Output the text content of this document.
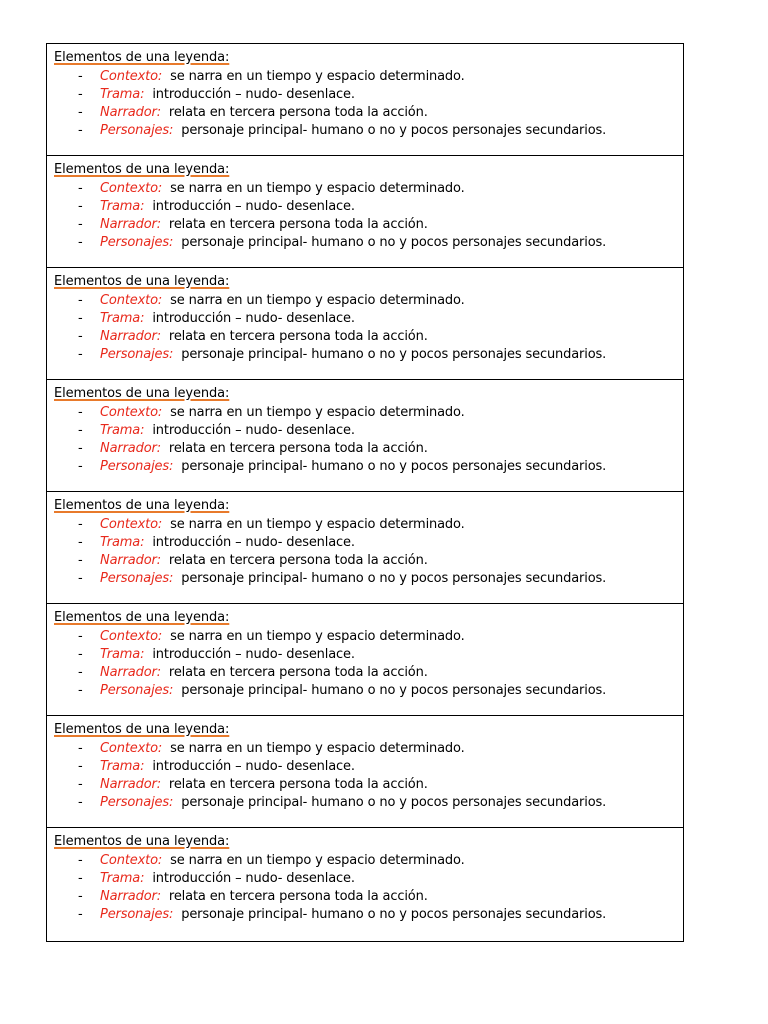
Elementos de una leyenda:
- Contexto: se narra en un tiempo y espacio determinado.
- Trama: introducción – nudo- desenlace.
- Narrador: relata en tercera persona toda la acción.
- Personajes: personaje principal- humano o no y pocos personajes secundarios.
Elementos de una leyenda:
- Contexto: se narra en un tiempo y espacio determinado.
- Trama: introducción – nudo- desenlace.
- Narrador: relata en tercera persona toda la acción.
- Personajes: personaje principal- humano o no y pocos personajes secundarios.
Elementos de una leyenda:
- Contexto: se narra en un tiempo y espacio determinado.
- Trama: introducción – nudo- desenlace.
- Narrador: relata en tercera persona toda la acción.
- Personajes: personaje principal- humano o no y pocos personajes secundarios.
Elementos de una leyenda:
- Contexto: se narra en un tiempo y espacio determinado.
- Trama: introducción – nudo- desenlace.
- Narrador: relata en tercera persona toda la acción.
- Personajes: personaje principal- humano o no y pocos personajes secundarios.
Elementos de una leyenda:
- Contexto: se narra en un tiempo y espacio determinado.
- Trama: introducción – nudo- desenlace.
- Narrador: relata en tercera persona toda la acción.
- Personajes: personaje principal- humano o no y pocos personajes secundarios.
Elementos de una leyenda:
- Contexto: se narra en un tiempo y espacio determinado.
- Trama: introducción – nudo- desenlace.
- Narrador: relata en tercera persona toda la acción.
- Personajes: personaje principal- humano o no y pocos personajes secundarios.
Elementos de una leyenda:
- Contexto: se narra en un tiempo y espacio determinado.
- Trama: introducción – nudo- desenlace.
- Narrador: relata en tercera persona toda la acción.
- Personajes: personaje principal- humano o no y pocos personajes secundarios.
Elementos de una leyenda:
- Contexto: se narra en un tiempo y espacio determinado.
- Trama: introducción – nudo- desenlace.
- Narrador: relata en tercera persona toda la acción.
- Personajes: personaje principal- humano o no y pocos personajes secundarios.
